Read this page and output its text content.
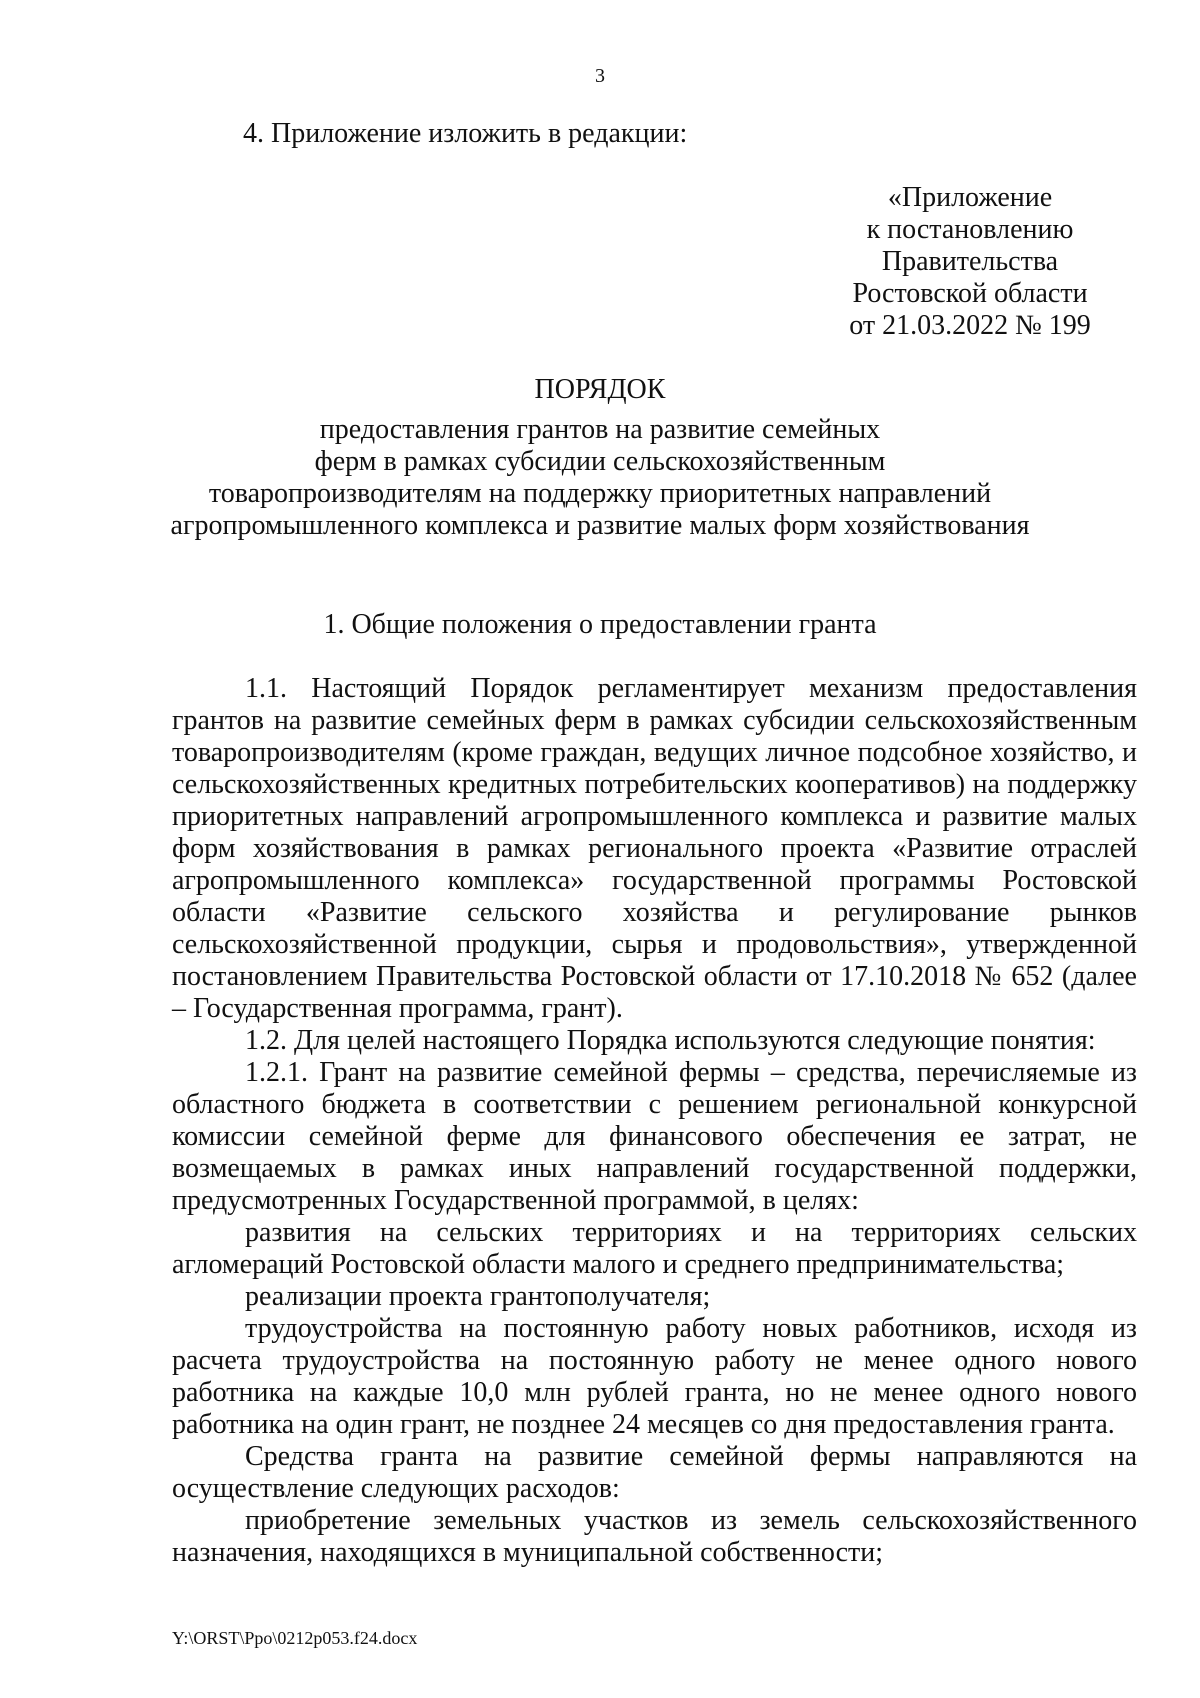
3
4. Приложение изложить в редакции:
«Приложение
к постановлению
Правительства
Ростовской области
от 21.03.2022 № 199
ПОРЯДОК
предоставления грантов на развитие семейных
ферм в рамках субсидии сельскохозяйственным
товаропроизводителям на поддержку приоритетных направлений
агропромышленного комплекса и развитие малых форм хозяйствования
1. Общие положения о предоставлении гранта

1.1. Настоящий Порядок регламентирует механизм предоставления грантов на развитие семейных ферм в рамках субсидии сельскохозяйственным товаропроизводителям (кроме граждан, ведущих личное подсобное хозяйство, и сельскохозяйственных кредитных потребительских кооперативов) на поддержку приоритетных направлений агропромышленного комплекса и развитие малых форм хозяйствования в рамках регионального проекта «Развитие отраслей агропромышленного комплекса» государственной программы Ростовской области «Развитие сельского хозяйства и регулирование рынков сельскохозяйственной продукции, сырья и продовольствия», утвержденной постановлением Правительства Ростовской области от 17.10.2018 № 652 (далее – Государственная программа, грант).

1.2. Для целей настоящего Порядка используются следующие понятия:

1.2.1. Грант на развитие семейной фермы – средства, перечисляемые из областного бюджета в соответствии с решением региональной конкурсной комиссии семейной ферме для финансового обеспечения ее затрат, не возмещаемых в рамках иных направлений государственной поддержки, предусмотренных Государственной программой, в целях:

развития на сельских территориях и на территориях сельских агломераций Ростовской области малого и среднего предпринимательства;

реализации проекта грантополучателя;

трудоустройства на постоянную работу новых работников, исходя из расчета трудоустройства на постоянную работу не менее одного нового работника на каждые 10,0 млн рублей гранта, но не менее одного нового работника на один грант, не позднее 24 месяцев со дня предоставления гранта.

Средства гранта на развитие семейной фермы направляются на осуществление следующих расходов:

приобретение земельных участков из земель сельскохозяйственного назначения, находящихся в муниципальной собственности;

Y:\ORST\Ppo\0212p053.f24.docx
